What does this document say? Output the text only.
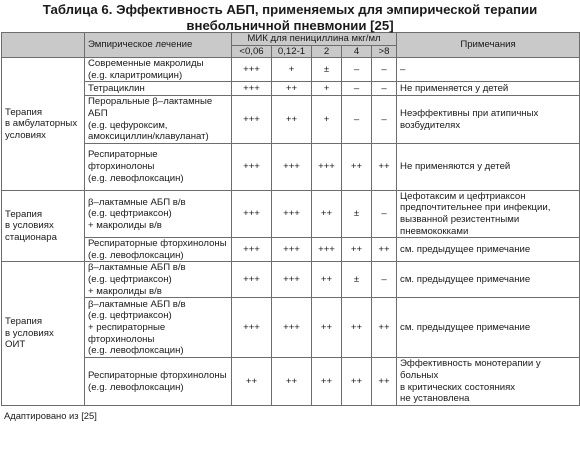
Таблица 6. Эффективность АБП, применяемых для эмпирической терапии
внебольничной пневмонии [25]
	Эмпирическое лечение	МИК для пенициллина мкг/мл					Примечания
		<0,06	0,12-1	2	4	>8	

Терапия
в амбулаторных
условиях	Современные макролиды
(e.g. кларитромицин)	+++	+	±	–	–	–

	Тетрациклин	+++	++	+	–	–	Не применяется у детей

	Пероральные β–лактамные АБП
(e.g. цефуроксим,
амоксициллин/клавуланат)	+++	++	+	–	–	Неэффективны при атипичных
возбудителях

	Респираторные
фторхинолоны
(e.g. левофлоксацин)	+++	+++	+++	++	++	Не применяются у детей

Терапия
в условиях
стационара	β–лактамные АБП в/в
(e.g. цефтриаксон)
+ макролиды в/в	+++	+++	++	±	–	Цефотаксим и цефтриаксон
предпочтительнее при инфекции,
вызванной резистентными пневмококками

	Респираторные фторхинолоны
(e.g. левофлоксацин)	+++	+++	+++	++	++	см. предыдущее примечание

Терапия
в условиях
ОИТ	β–лактамные АБП в/в
(e.g. цефтриаксон)
+ макролиды в/в	+++	+++	++	±	–	см. предыдущее примечание

	β–лактамные АБП в/в
(e.g. цефтриаксон)
+ респираторные
фторхинолоны
(e.g. левофлоксацин)	+++	+++	++	++	++	см. предыдущее примечание

	Респираторные фторхинолоны
(e.g. левофлоксацин)	++	++	++	++	++	Эффективность монотерапии у больных
в критических состояниях
не установлена
Адаптировано из [25]
